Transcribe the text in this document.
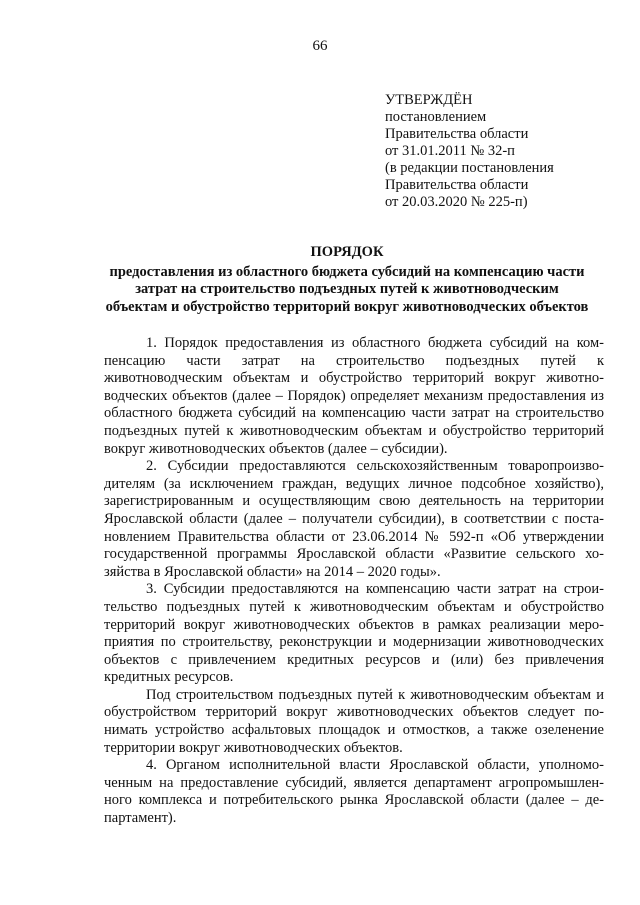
66
УТВЕРЖДЁН
постановлением
Правительства области
от 31.01.2011 № 32-п
(в редакции постановления
Правительства области
от 20.03.2020 № 225-п)
ПОРЯДОК
предоставления из областного бюджета субсидий на компенсацию части
затрат на строительство подъездных путей к животноводческим
объектам и обустройство территорий вокруг животноводческих объектов

1. Порядок предоставления из областного бюджета субсидий на компенсацию части затрат на строительство подъездных путей к животноводческим объектам и обустройство территорий вокруг животноводческих объектов (далее – Порядок) определяет механизм предоставления из областного бюджета субсидий на компенсацию части затрат на строительство подъездных путей к животноводческим объектам и обустройство территорий вокруг животноводческих объектов (далее – субсидии).

2. Субсидии предоставляются сельскохозяйственным товаропроизводителям (за исключением граждан, ведущих личное подсобное хозяйство), зарегистрированным и осуществляющим свою деятельность на территории Ярославской области (далее – получатели субсидии), в соответствии с постановлением Правительства области от 23.06.2014 № 592-п «Об утверждении государственной программы Ярославской области «Развитие сельского хозяйства в Ярославской области» на 2014 – 2020 годы».

3. Субсидии предоставляются на компенсацию части затрат на строительство подъездных путей к животноводческим объектам и обустройство территорий вокруг животноводческих объектов в рамках реализации мероприятия по строительству, реконструкции и модернизации животноводческих объектов с привлечением кредитных ресурсов и (или) без привлечения кредитных ресурсов.

Под строительством подъездных путей к животноводческим объектам и обустройством территорий вокруг животноводческих объектов следует понимать устройство асфальтовых площадок и отмостков, а также озеленение территории вокруг животноводческих объектов.

4. Органом исполнительной власти Ярославской области, уполномоченным на предоставление субсидий, является департамент агропромышленного комплекса и потребительского рынка Ярославской области (далее – департамент).
